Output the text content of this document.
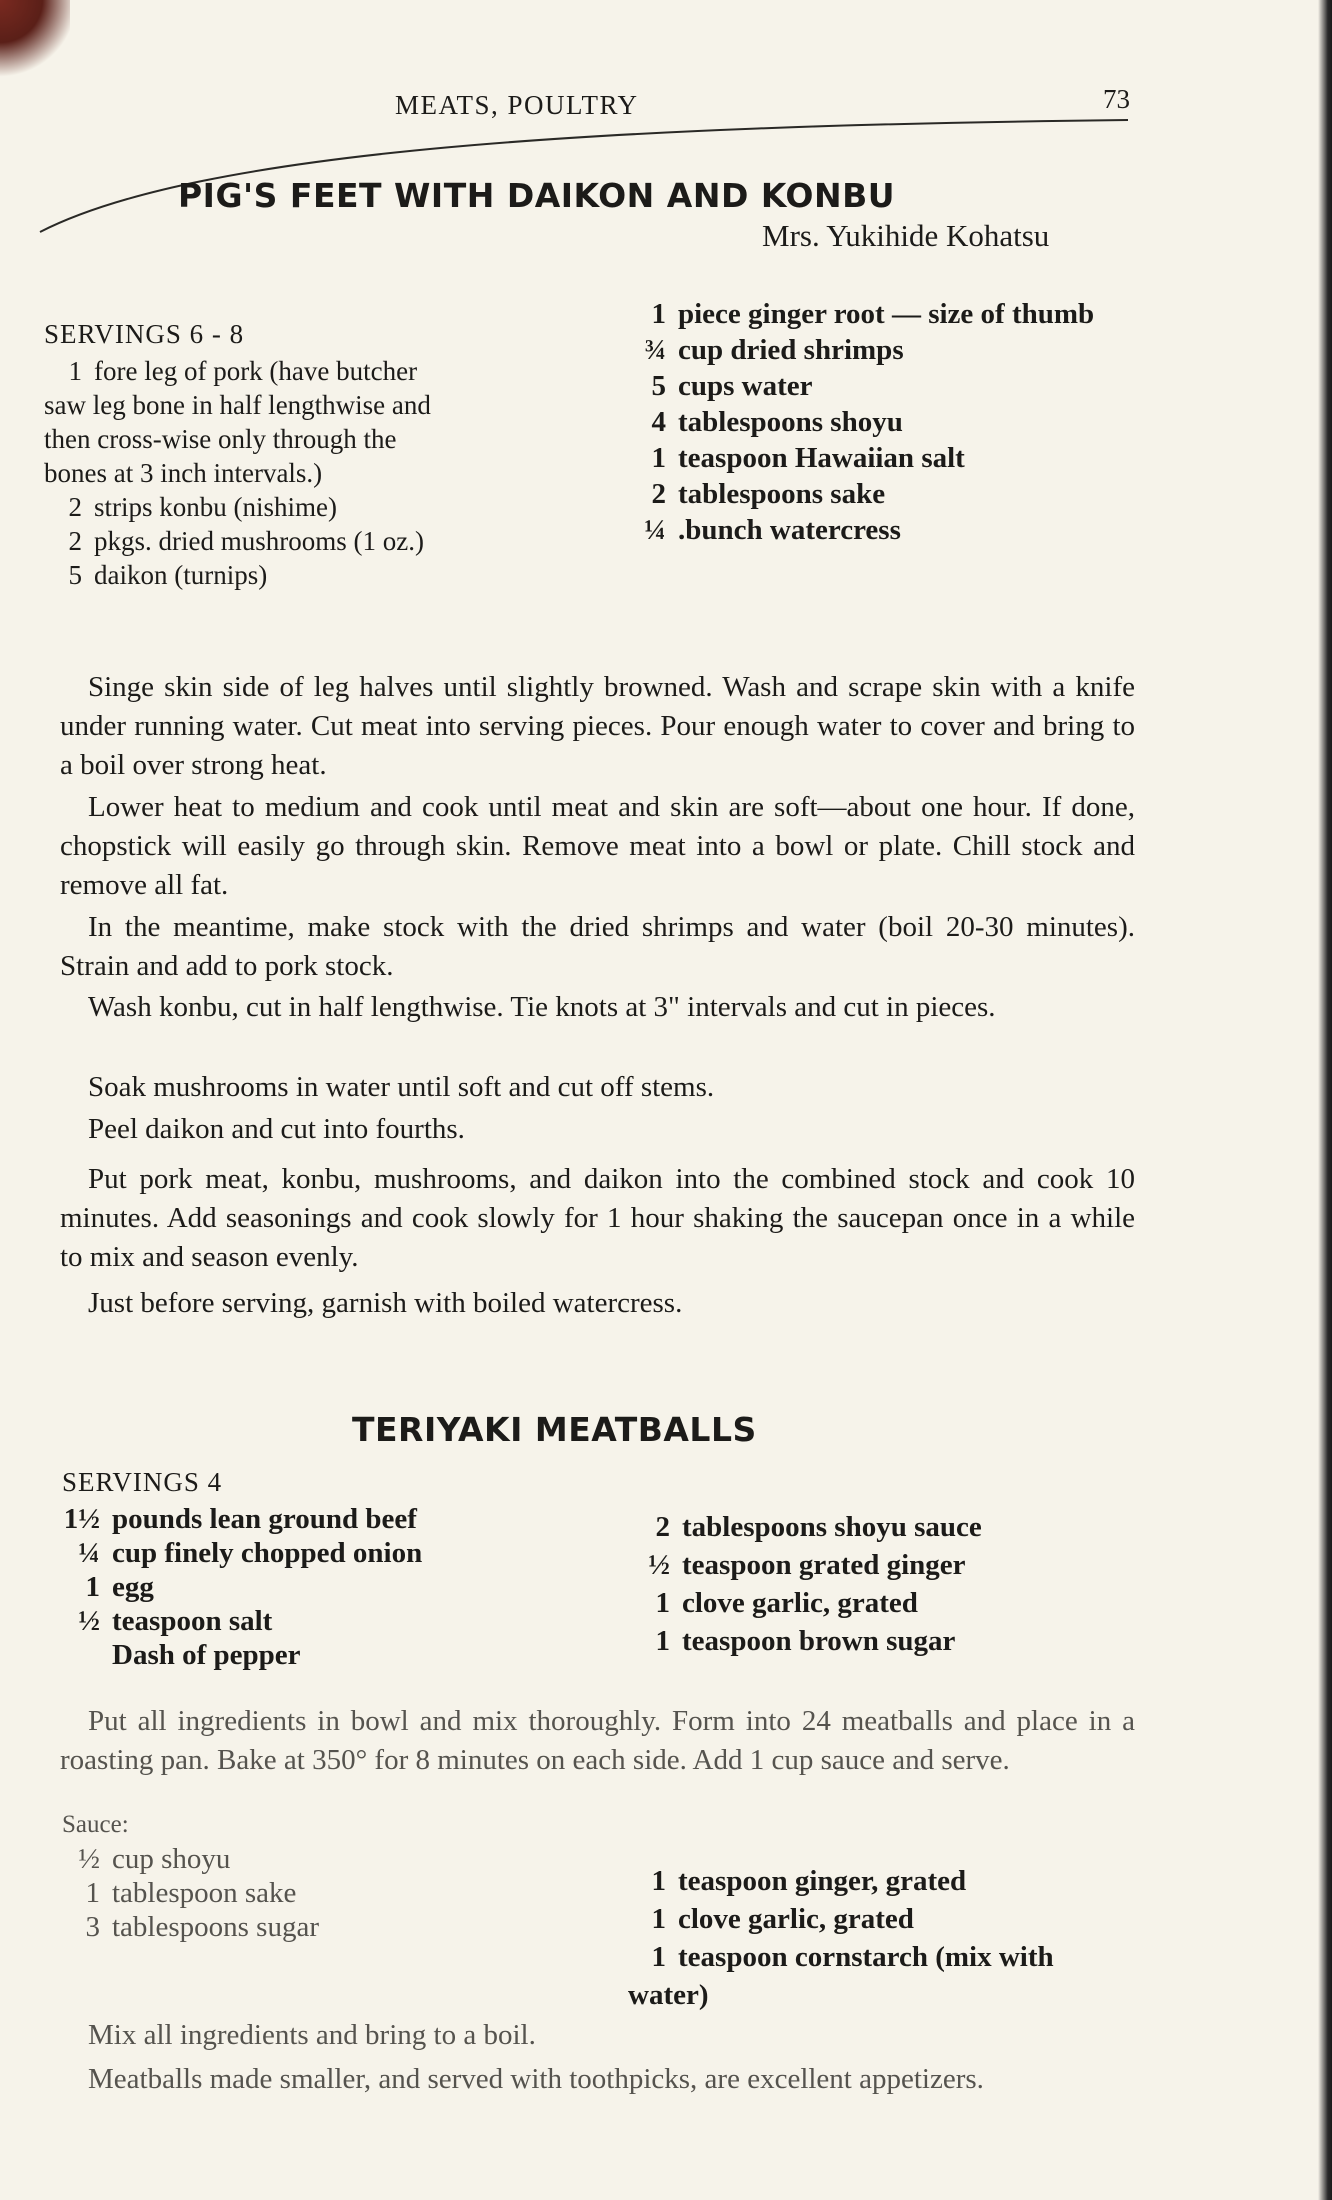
MEATS, POULTRY	73
PIG'S FEET WITH DAIKON AND KONBU
Mrs. Yukihide Kohatsu

SERVINGS 6 - 8

1 fore leg of pork (have butcher saw leg bone in half lengthwise and then cross-wise only through the bones at 3 inch intervals.)

2 strips konbu (nishime)

2 pkgs. dried mushrooms (1 oz.)

5 daikon (turnips)

1 piece ginger root — size of thumb

¾ cup dried shrimps

5 cups water

4 tablespoons shoyu

1 teaspoon Hawaiian salt

2 tablespoons sake

¼ .bunch watercress

Singe skin side of leg halves until slightly browned. Wash and scrape skin with a knife under running water. Cut meat into serving pieces. Pour enough water to cover and bring to a boil over strong heat.

Lower heat to medium and cook until meat and skin are soft—about one hour. If done, chopstick will easily go through skin. Remove meat into a bowl or plate. Chill stock and remove all fat.

In the meantime, make stock with the dried shrimps and water (boil 20-30 minutes). Strain and add to pork stock.

Wash konbu, cut in half lengthwise. Tie knots at 3" intervals and cut in pieces.

Soak mushrooms in water until soft and cut off stems.

Peel daikon and cut into fourths.

Put pork meat, konbu, mushrooms, and daikon into the combined stock and cook 10 minutes. Add seasonings and cook slowly for 1 hour shaking the saucepan once in a while to mix and season evenly.

Just before serving, garnish with boiled watercress.

TERIYAKI MEATBALLS

SERVINGS 4

1½ pounds lean ground beef

¼ cup finely chopped onion

1 egg

½ teaspoon salt

Dash of pepper

2 tablespoons shoyu sauce

½ teaspoon grated ginger

1 clove garlic, grated

1 teaspoon brown sugar

Put all ingredients in bowl and mix thoroughly. Form into 24 meatballs and place in a roasting pan. Bake at 350° for 8 minutes on each side. Add 1 cup sauce and serve.

Sauce:

½ cup shoyu

1 tablespoon sake

3 tablespoons sugar

1 teaspoon ginger, grated

1 clove garlic, grated

1 teaspoon cornstarch (mix with water)

Mix all ingredients and bring to a boil.

Meatballs made smaller, and served with toothpicks, are excellent appetizers.
